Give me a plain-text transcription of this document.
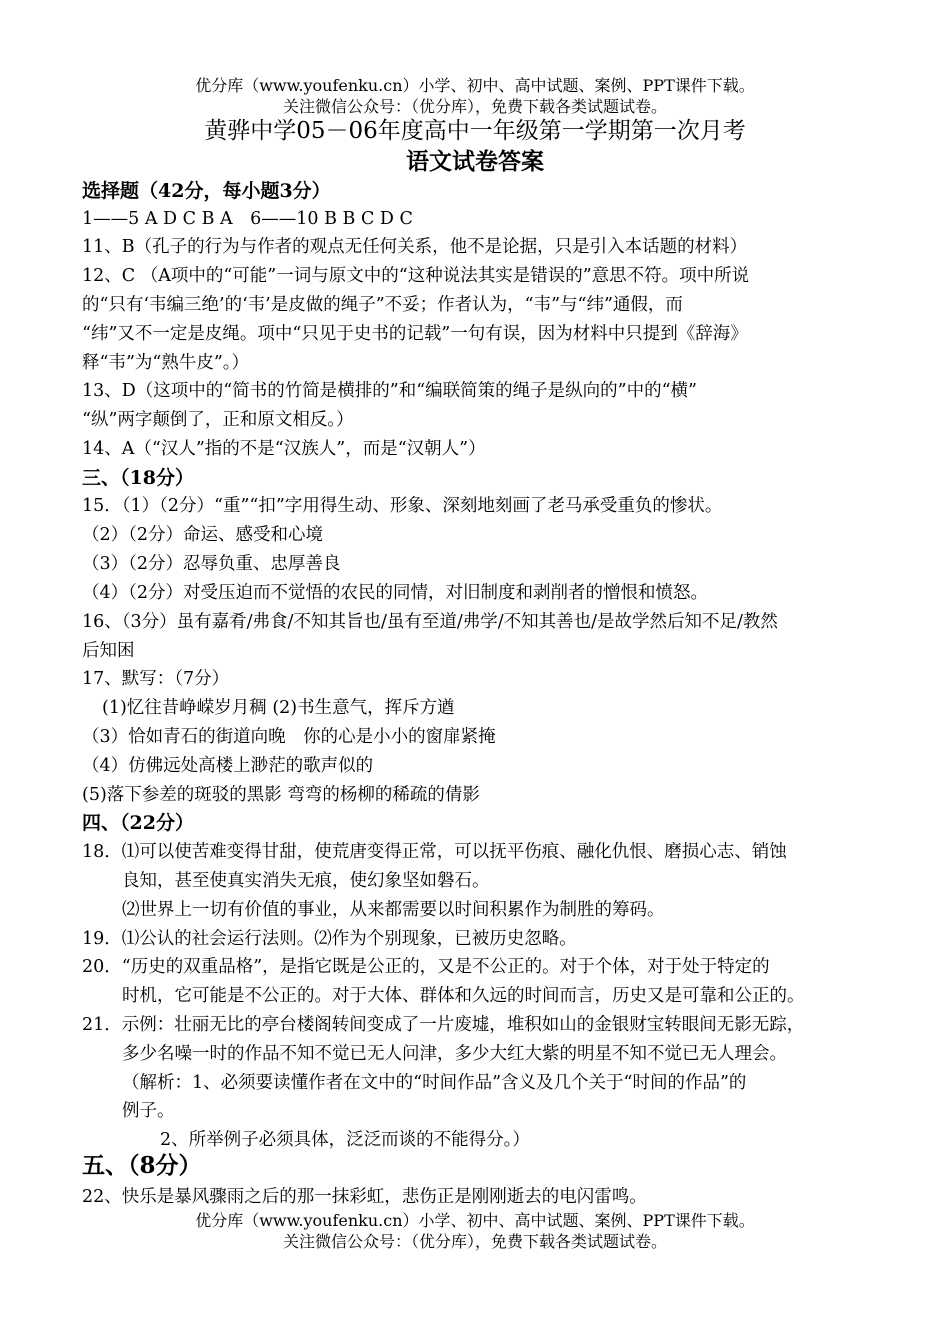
优分库（www.youfenku.cn）小学、初中、高中试题、案例、PPT课件下载。
关注微信公众号：（优分库），免费下载各类试题试卷。
黄骅中学05－06年度高中一年级第一学期第一次月考
语文试卷答案
选择题（42分，每小题3分）
1——5 A D C B A　6——10 B B C D C
11、B（孔子的行为与作者的观点无任何关系，他不是论据，只是引入本话题的材料）
12、C （A项中的“可能”一词与原文中的“这种说法其实是错误的”意思不符。项中所说
的“只有‘韦编三绝’的‘韦’是皮做的绳子”不妥；作者认为，“韦”与“纬”通假，而
“纬”又不一定是皮绳。项中“只见于史书的记载”一句有误，因为材料中只提到《辞海》
释“韦”为“熟牛皮”。）
13、D（这项中的“简书的竹简是横排的”和“编联简策的绳子是纵向的”中的“横”
“纵”两字颠倒了，正和原文相反。）
14、A（“汉人”指的不是“汉族人”，而是“汉朝人”）
三、（18分）
15．（1）（2分）“重”“扣”字用得生动、形象、深刻地刻画了老马承受重负的惨状。
（2）（2分）命运、感受和心境
（3）（2分）忍辱负重、忠厚善良
（4）（2分）对受压迫而不觉悟的农民的同情，对旧制度和剥削者的憎恨和愤怒。
16、（3分）虽有嘉肴/弗食/不知其旨也/虽有至道/弗学/不知其善也/是故学然后知不足/教然
后知困
17、默写：（7分）
(1)忆往昔峥嵘岁月稠 (2)书生意气，挥斥方遒
（3）恰如青石的街道向晚　你的心是小小的窗扉紧掩
（4）仿佛远处高楼上渺茫的歌声似的
(5)落下参差的斑驳的黑影 弯弯的杨柳的稀疏的倩影
四、（22分）
18．⑴可以使苦难变得甘甜，使荒唐变得正常，可以抚平伤痕、融化仇恨、磨损心志、销蚀
良知，甚至使真实消失无痕，使幻象坚如磐石。
⑵世界上一切有价值的事业，从来都需要以时间积累作为制胜的筹码。
19．⑴公认的社会运行法则。⑵作为个别现象，已被历史忽略。
20．“历史的双重品格”，是指它既是公正的，又是不公正的。对于个体，对于处于特定的
时机，它可能是不公正的。对于大体、群体和久远的时间而言，历史又是可靠和公正的。
21．示例：壮丽无比的亭台楼阁转间变成了一片废墟，堆积如山的金银财宝转眼间无影无踪，
多少名噪一时的作品不知不觉已无人问津，多少大红大紫的明星不知不觉已无人理会。
（解析：1、必须要读懂作者在文中的“时间作品”含义及几个关于“时间的作品”的
例子。
2、所举例子必须具体，泛泛而谈的不能得分。）
五、（8分）
22、快乐是暴风骤雨之后的那一抹彩虹，悲伤正是刚刚逝去的电闪雷鸣。
优分库（www.youfenku.cn）小学、初中、高中试题、案例、PPT课件下载。
关注微信公众号：（优分库），免费下载各类试题试卷。
